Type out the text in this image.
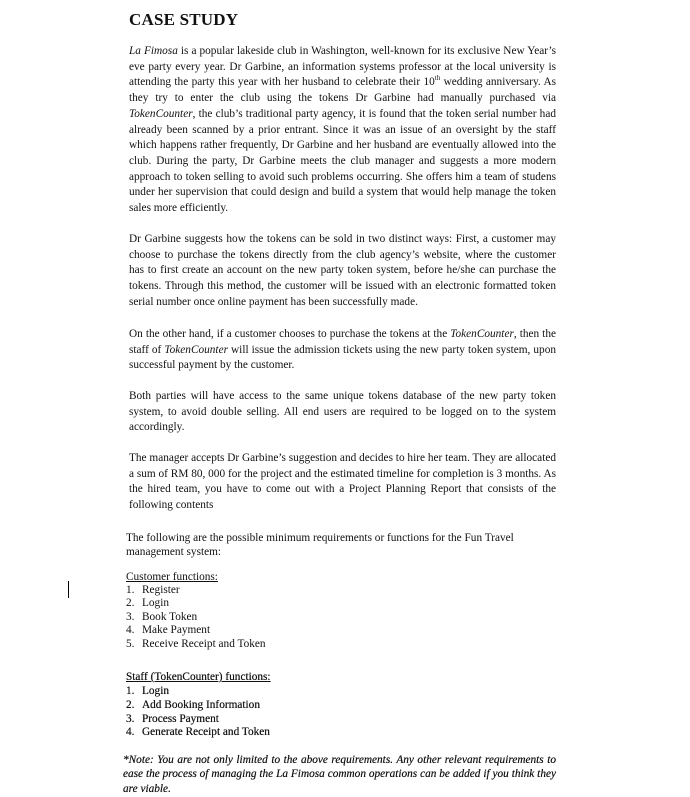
CASE STUDY

La Fimosa is a popular lakeside club in Washington, well-known for its exclusive New Year’s eve party every year. Dr Garbine, an information systems professor at the local university is attending the party this year with her husband to celebrate their 10th wedding anniversary. As they try to enter the club using the tokens Dr Garbine had manually purchased via TokenCounter, the club’s traditional party agency, it is found that the token serial number had already been scanned by a prior entrant. Since it was an issue of an oversight by the staff which happens rather frequently, Dr Garbine and her husband are eventually allowed into the club. During the party, Dr Garbine meets the club manager and suggests a more modern approach to token selling to avoid such problems occurring. She offers him a team of studens under her supervision that could design and build a system that would help manage the token sales more efficiently.

Dr Garbine suggests how the tokens can be sold in two distinct ways: First, a customer may choose to purchase the tokens directly from the club agency’s website, where the customer has to first create an account on the new party token system, before he/she can purchase the tokens. Through this method, the customer will be issued with an electronic formatted token serial number once online payment has been successfully made.

On the other hand, if a customer chooses to purchase the tokens at the TokenCounter, then the staff of TokenCounter will issue the admission tickets using the new party token system, upon successful payment by the customer.

Both parties will have access to the same unique tokens database of the new party token system, to avoid double selling. All end users are required to be logged on to the system accordingly.

The manager accepts Dr Garbine’s suggestion and decides to hire her team. They are allocated a sum of RM 80, 000 for the project and the estimated timeline for completion is 3 months. As the hired team, you have to come out with a Project Planning Report that consists of the following contents

The following are the possible minimum requirements or functions for the Fun Travel management system:

Customer functions:
1. Register
2. Login
3. Book Token
4. Make Payment
5. Receive Receipt and Token
Staff (TokenCounter) functions:
1. Login
2. Add Booking Information
3. Process Payment
4. Generate Receipt and Token

*Note: You are not only limited to the above requirements. Any other relevant requirements to ease the process of managing the La Fimosa common operations can be added if you think they are viable.
